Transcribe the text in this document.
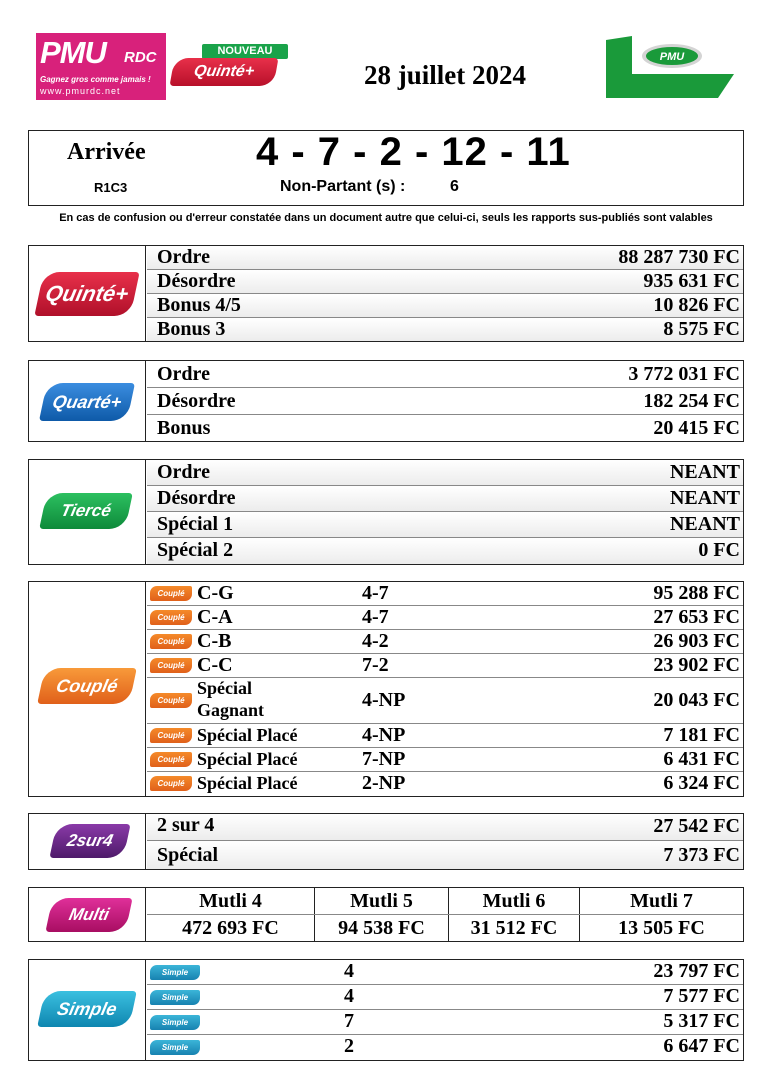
PMU RDC
Gagnez gros comme jamais !
www.pmurdc.net
NOUVEAU
Quinté+	28 juillet 2024
PMU
Arrivée	4 - 7 - 2 - 12 - 11
R1C3	Non-Partant (s) :	6
En cas de confusion ou d'erreur constatée dans un document autre que celui-ci, seuls les rapports sus-publiés sont valables
Quinté+
Ordre	88 287 730 FC
Désordre	935 631 FC
Bonus 4/5	10 826 FC
Bonus 3	8 575 FC
Quarté+
Ordre	3 772 031 FC
Désordre	182 254 FC
Bonus	20 415 FC
Tiercé
Ordre	NEANT
Désordre	NEANT
Spécial 1	NEANT
Spécial 2	0 FC
Couplé
Couplé C-G	4-7	95 288 FC
Couplé C-A	4-7	27 653 FC
Couplé C-B	4-2	26 903 FC
Couplé C-C	7-2	23 902 FC
Couplé
Spécial
Gagnant	4-NP	20 043 FC
Couplé Spécial Placé	4-NP	7 181 FC
Couplé Spécial Placé	7-NP	6 431 FC
Couplé Spécial Placé	2-NP	6 324 FC
2sur4
2 sur 4	27 542 FC
Spécial	7 373 FC
Multi
Mutli 4	Mutli 5	Mutli 6	Mutli 7
472 693 FC	94 538 FC	31 512 FC	13 505 FC
Simple
Simple	4	23 797 FC
Simple	4	7 577 FC
Simple	7	5 317 FC
Simple	2	6 647 FC
